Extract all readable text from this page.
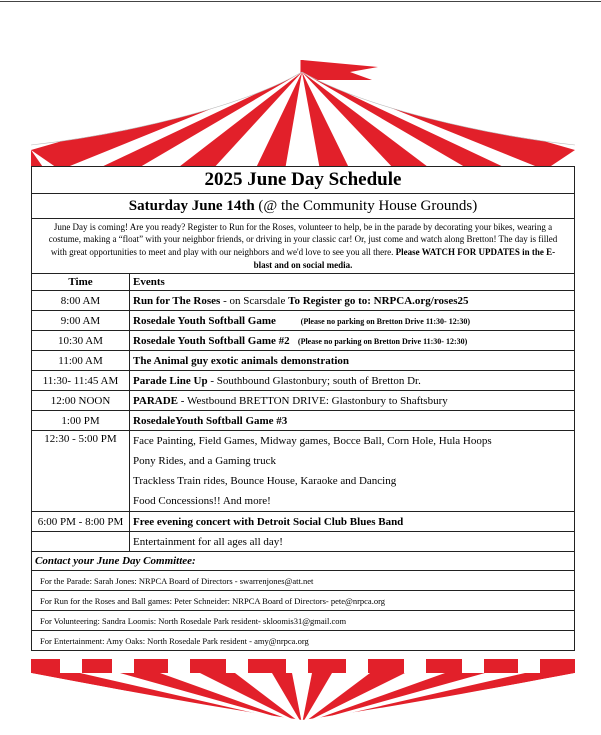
2025 June Day Schedule	
Saturday June 14th (@ the Community House Grounds)	
June Day is coming! Are you ready? Register to Run for the Roses, volunteer to help, be in the parade by decorating your bikes, wearing a costume, making a “float” with your neighbor friends, or driving in your classic car! Or, just come and watch along Bretton! The day is filled with great opportunities to meet and play with our neighbors and we'd love to see you all there. Please WATCH FOR UPDATES in the E-blast and on social media.	
Time	Events
8:00 AM	Run for The Roses - on Scarsdale To Register go to: NRPCA.org/roses25
9:00 AM	Rosedale Youth Softball Game (Please no parking on Bretton Drive 11:30- 12:30)
10:30 AM	Rosedale Youth Softball Game #2 (Please no parking on Bretton Drive 11:30- 12:30)
11:00 AM	The Animal guy exotic animals demonstration
11:30- 11:45 AM	Parade Line Up - Southbound Glastonbury; south of Bretton Dr.
12:00 NOON	PARADE - Westbound BRETTON DRIVE: Glastonbury to Shaftsbury
1:00 PM	RosedaleYouth Softball Game #3
12:30 - 5:00 PM	Face Painting, Field Games, Midway games, Bocce Ball, Corn Hole, Hula Hoops
Pony Rides, and a Gaming truck
Trackless Train rides, Bounce House, Karaoke and Dancing
Food Concessions!! And more!

6:00 PM - 8:00 PM	Free evening concert with Detroit Social Club Blues Band
	Entertainment for all ages all day!
Contact your June Day Committee:	
For the Parade: Sarah Jones: NRPCA Board of Directors - swarrenjones@att.net	
For Run for the Roses and Ball games: Peter Schneider: NRPCA Board of Directors- pete@nrpca.org	
For Volunteering: Sandra Loomis: North Rosedale Park resident- skloomis31@gmail.com	
For Entertainment: Amy Oaks: North Rosedale Park resident - amy@nrpca.org	
